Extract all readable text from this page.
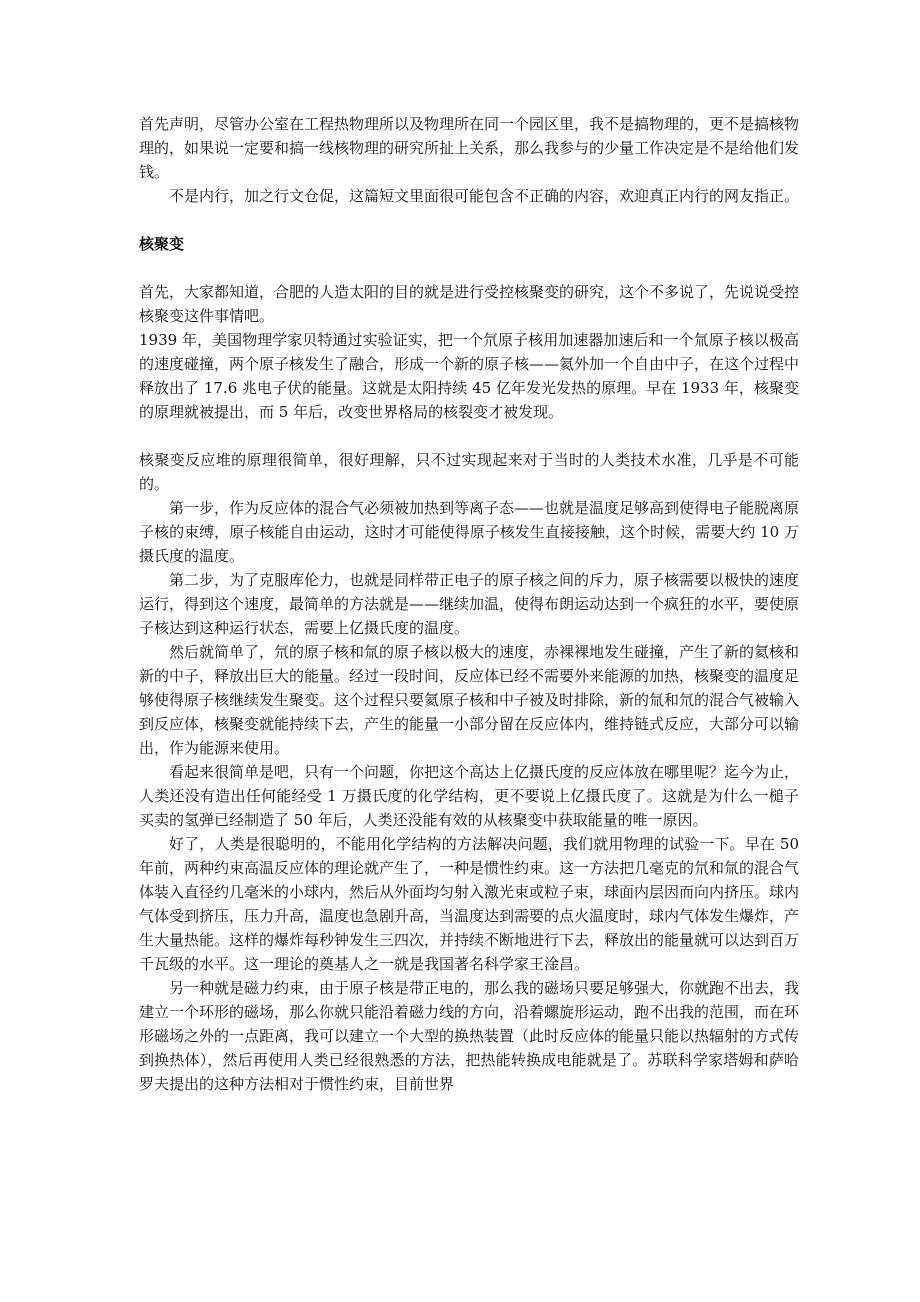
首先声明，尽管办公室在工程热物理所以及物理所在同一个园区里，我不是搞物理的，更不是搞核物理的，如果说一定要和搞一线核物理的研究所扯上关系，那么我参与的少量工作决定是不是给他们发钱。

不是内行，加之行文仓促，这篇短文里面很可能包含不正确的内容，欢迎真正内行的网友指正。

核聚变

首先，大家都知道，合肥的人造太阳的目的就是进行受控核聚变的研究，这个不多说了，先说说受控核聚变这件事情吧。

1939 年，美国物理学家贝特通过实验证实，把一个氘原子核用加速器加速后和一个氚原子核以极高的速度碰撞，两个原子核发生了融合，形成一个新的原子核——氦外加一个自由中子，在这个过程中释放出了 17.6 兆电子伏的能量。这就是太阳持续 45 亿年发光发热的原理。早在 1933 年，核聚变的原理就被提出，而 5 年后，改变世界格局的核裂变才被发现。

核聚变反应堆的原理很简单，很好理解，只不过实现起来对于当时的人类技术水准，几乎是不可能的。

第一步，作为反应体的混合气必须被加热到等离子态——也就是温度足够高到使得电子能脱离原子核的束缚，原子核能自由运动，这时才可能使得原子核发生直接接触，这个时候，需要大约 10 万摄氏度的温度。

第二步，为了克服库伦力，也就是同样带正电子的原子核之间的斥力，原子核需要以极快的速度运行，得到这个速度，最简单的方法就是——继续加温，使得布朗运动达到一个疯狂的水平，要使原子核达到这种运行状态，需要上亿摄氏度的温度。

然后就简单了，氘的原子核和氚的原子核以极大的速度，赤裸裸地发生碰撞，产生了新的氦核和新的中子，释放出巨大的能量。经过一段时间，反应体已经不需要外来能源的加热，核聚变的温度足够使得原子核继续发生聚变。这个过程只要氦原子核和中子被及时排除，新的氚和氘的混合气被输入到反应体，核聚变就能持续下去，产生的能量一小部分留在反应体内，维持链式反应，大部分可以输出，作为能源来使用。

看起来很简单是吧，只有一个问题，你把这个高达上亿摄氏度的反应体放在哪里呢？迄今为止，人类还没有造出任何能经受 1 万摄氏度的化学结构，更不要说上亿摄氏度了。这就是为什么一槌子买卖的氢弹已经制造了 50 年后，人类还没能有效的从核聚变中获取能量的唯一原因。

好了，人类是很聪明的，不能用化学结构的方法解决问题，我们就用物理的试验一下。早在 50 年前，两种约束高温反应体的理论就产生了，一种是惯性约束。这一方法把几毫克的氘和氚的混合气体装入直径约几毫米的小球内，然后从外面均匀射入激光束或粒子束，球面内层因而向内挤压。球内气体受到挤压，压力升高，温度也急剧升高，当温度达到需要的点火温度时，球内气体发生爆炸，产生大量热能。这样的爆炸每秒钟发生三四次，并持续不断地进行下去，释放出的能量就可以达到百万千瓦级的水平。这一理论的奠基人之一就是我国著名科学家王淦昌。

另一种就是磁力约束，由于原子核是带正电的，那么我的磁场只要足够强大，你就跑不出去，我建立一个环形的磁场，那么你就只能沿着磁力线的方向，沿着螺旋形运动，跑不出我的范围，而在环形磁场之外的一点距离，我可以建立一个大型的换热装置（此时反应体的能量只能以热辐射的方式传到换热体），然后再使用人类已经很熟悉的方法，把热能转换成电能就是了。苏联科学家塔姆和萨哈罗夫提出的这种方法相对于惯性约束，目前世界
